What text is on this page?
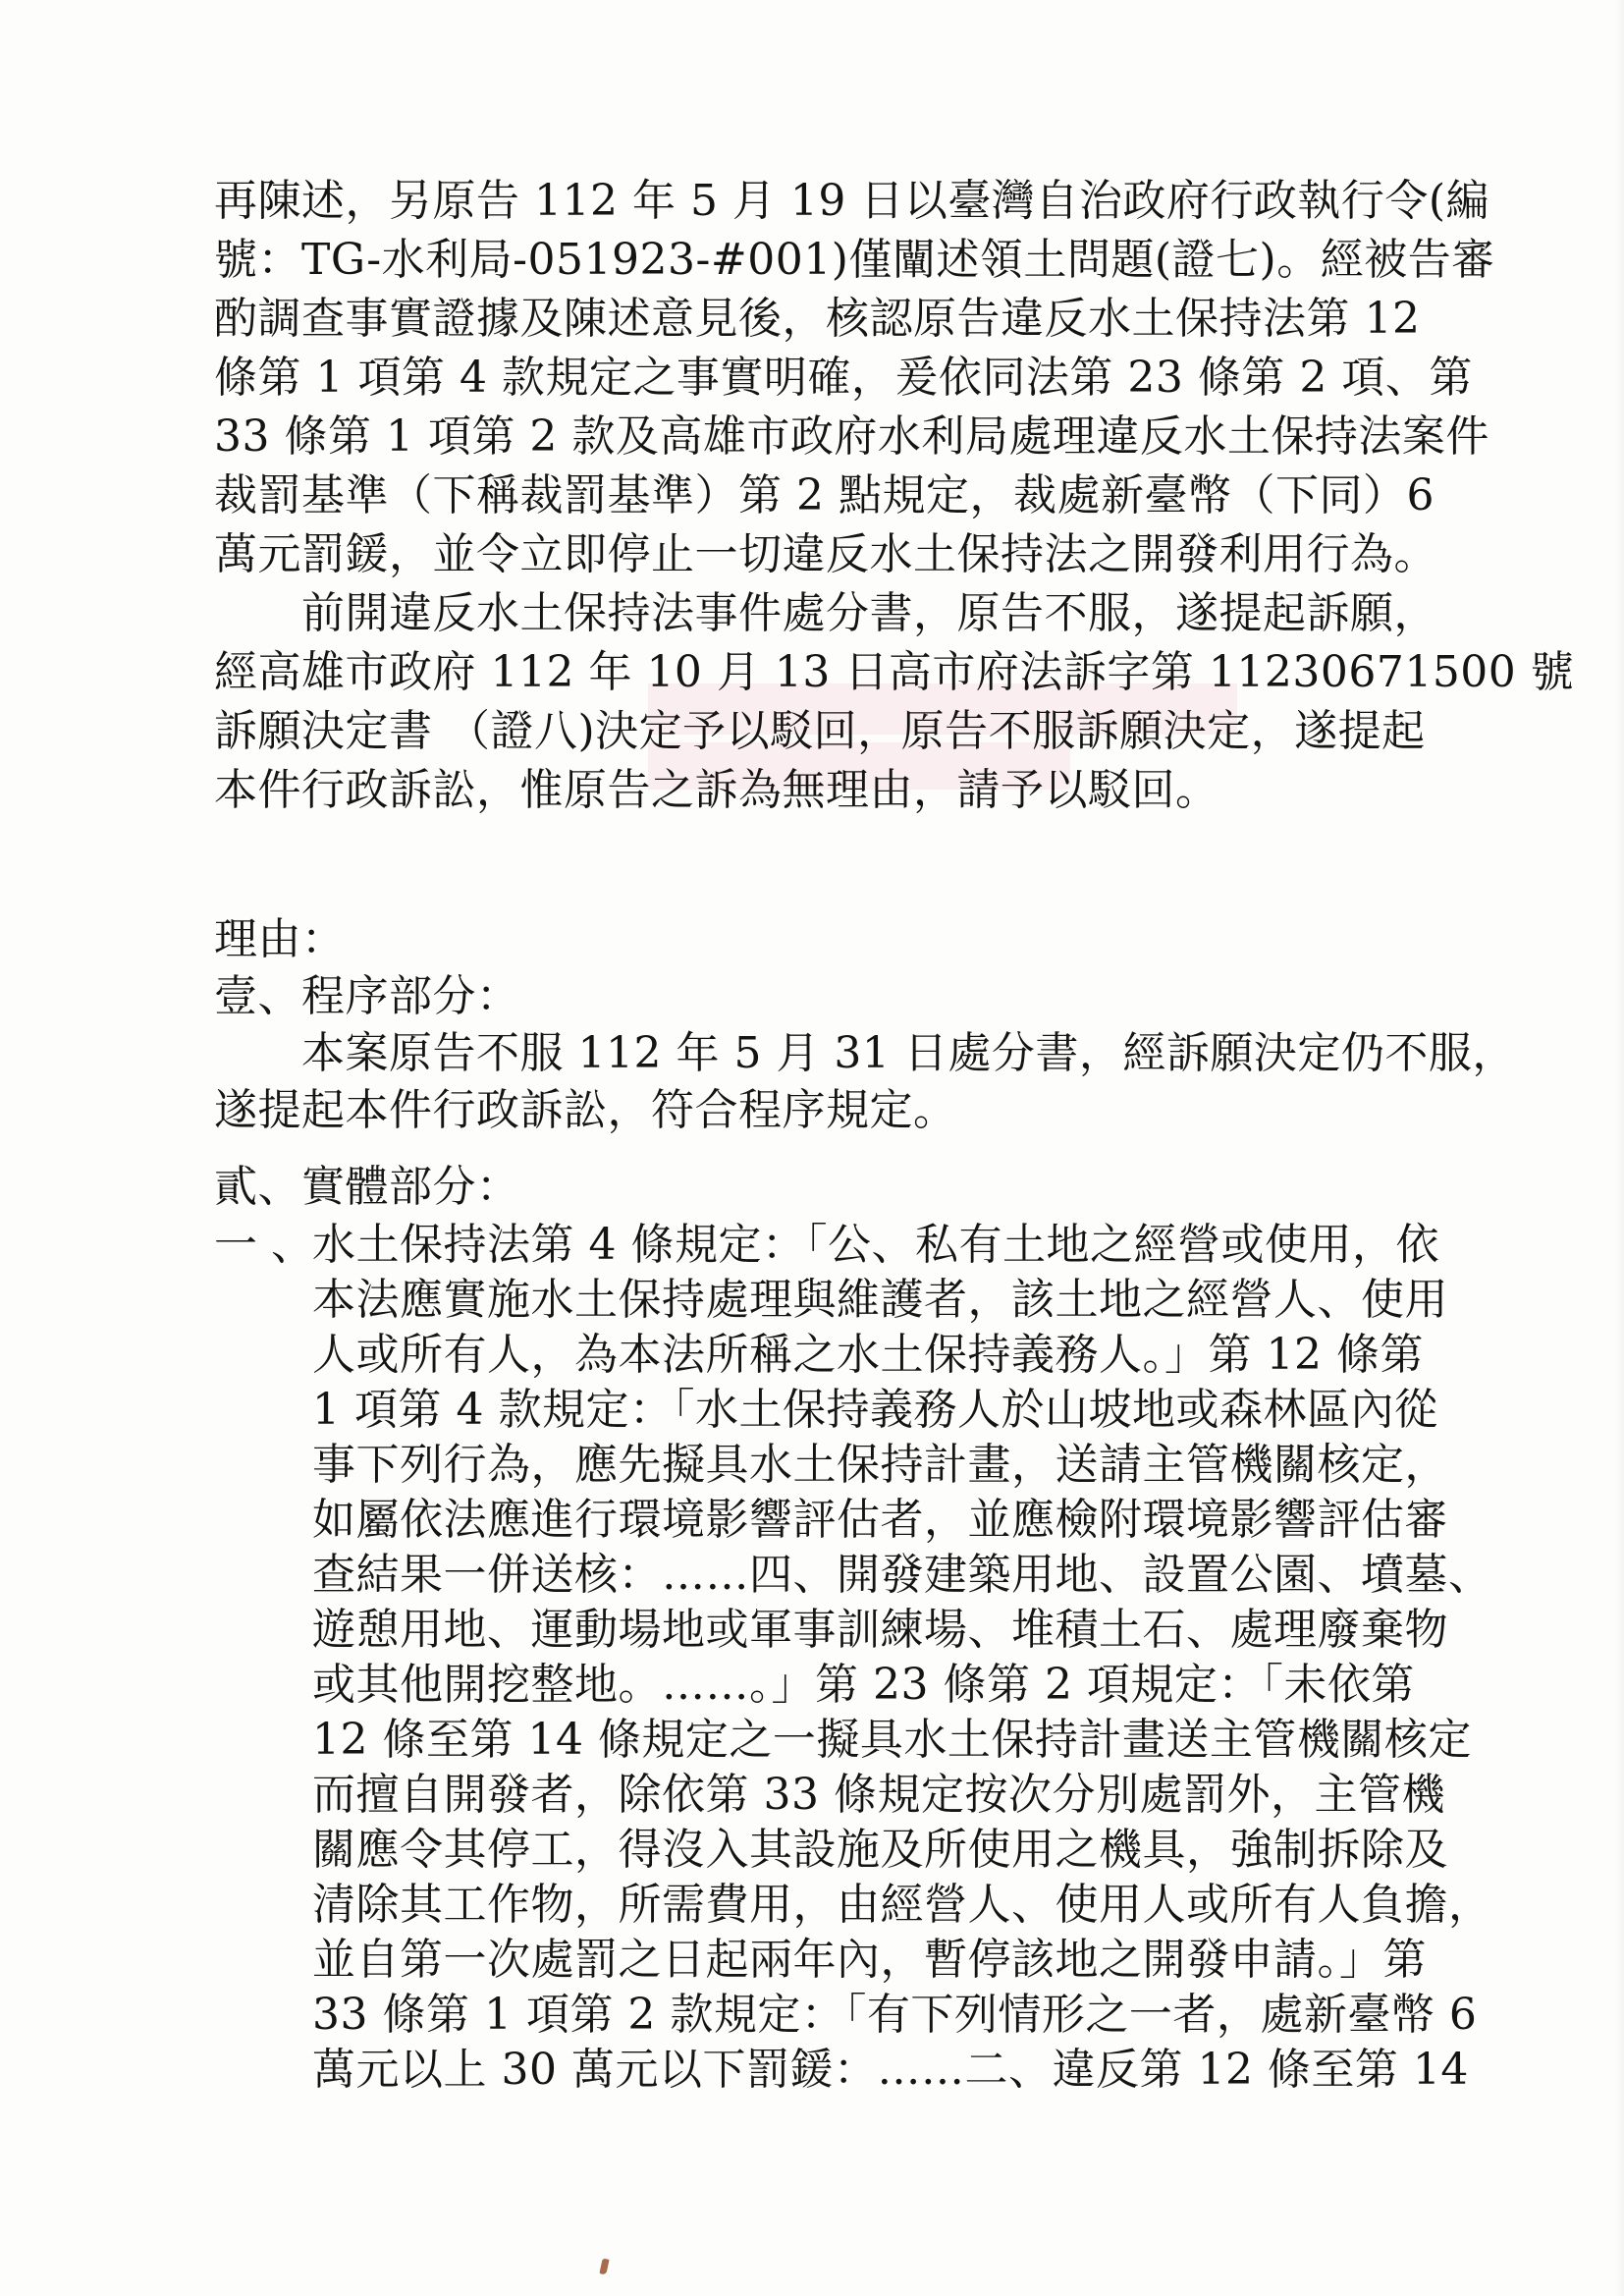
再陳述，另原告 112 年 5 月 19 日以臺灣自治政府行政執行令(編
號：TG-水利局-051923-#001)僅闡述領土問題(證七)。經被告審
酌調查事實證據及陳述意見後，核認原告違反水土保持法第 12
條第 1 項第 4 款規定之事實明確，爰依同法第 23 條第 2 項、第
33 條第 1 項第 2 款及高雄市政府水利局處理違反水土保持法案件
裁罰基準（下稱裁罰基準）第 2 點規定，裁處新臺幣（下同）6
萬元罰鍰，並令立即停止一切違反水土保持法之開發利用行為。
　　前開違反水土保持法事件處分書，原告不服，遂提起訴願，
經高雄市政府 112 年 10 月 13 日高市府法訴字第 11230671500 號
訴願決定書 （證八)決定予以駁回，原告不服訴願決定，遂提起
本件行政訴訟，惟原告之訴為無理由，請予以駁回。
理由：
壹、程序部分：
　　本案原告不服 112 年 5 月 31 日處分書，經訴願決定仍不服，
遂提起本件行政訴訟，符合程序規定。
貳、實體部分：
一、
水土保持法第 4 條規定：「公、私有土地之經營或使用，依
本法應實施水土保持處理與維護者，該土地之經營人、使用
人或所有人，為本法所稱之水土保持義務人。」第 12 條第
1 項第 4 款規定：「水土保持義務人於山坡地或森林區內從
事下列行為，應先擬具水土保持計畫，送請主管機關核定，
如屬依法應進行環境影響評估者，並應檢附環境影響評估審
查結果一併送核：……四、開發建築用地、設置公園、墳墓、
遊憩用地、運動場地或軍事訓練場、堆積土石、處理廢棄物
或其他開挖整地。……。」第 23 條第 2 項規定：「未依第
12 條至第 14 條規定之一擬具水土保持計畫送主管機關核定
而擅自開發者，除依第 33 條規定按次分別處罰外，主管機
關應令其停工，得沒入其設施及所使用之機具，強制拆除及
清除其工作物，所需費用，由經營人、使用人或所有人負擔，
並自第一次處罰之日起兩年內，暫停該地之開發申請。」第
33 條第 1 項第 2 款規定：「有下列情形之一者，處新臺幣 6
萬元以上 30 萬元以下罰鍰：……二、違反第 12 條至第 14
